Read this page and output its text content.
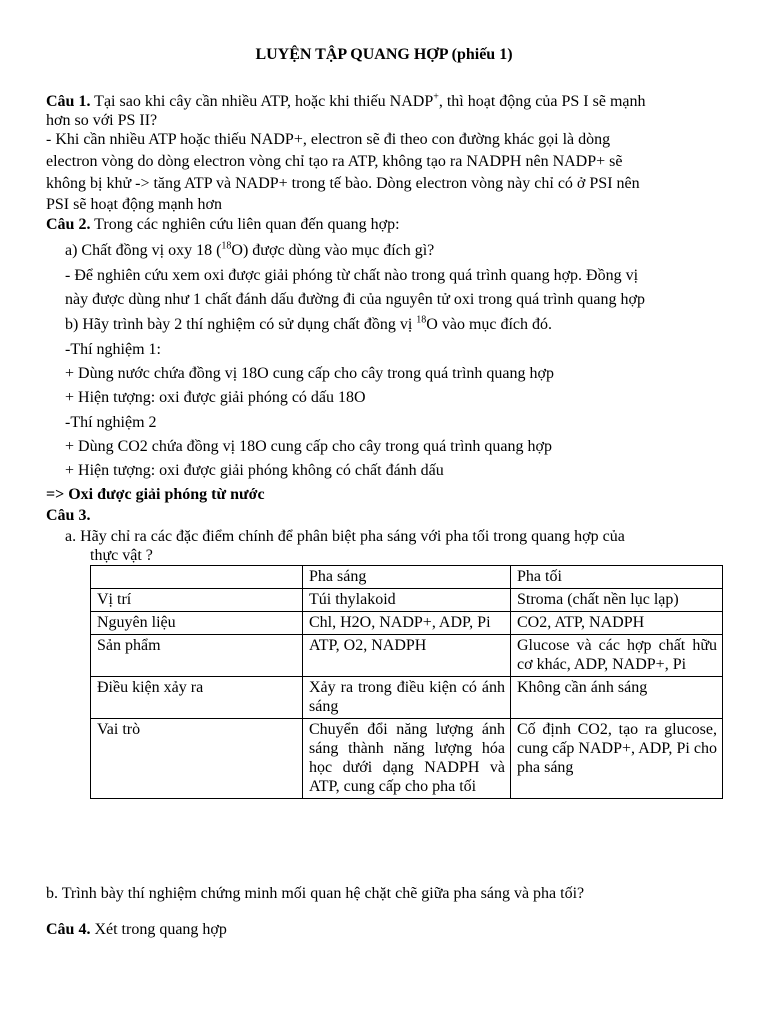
LUYỆN TẬP QUANG HỢP (phiếu 1)
Câu 1. Tại sao khi cây cần nhiều ATP, hoặc khi thiếu NADP+, thì hoạt động của PS I sẽ mạnh
hơn so với PS II?
- Khi cần nhiều ATP hoặc thiếu NADP+, electron sẽ đi theo con đường khác gọi là dòng
electron vòng do dòng electron vòng chỉ tạo ra ATP, không tạo ra NADPH nên NADP+ sẽ
không bị khử -> tăng ATP và NADP+ trong tế bào. Dòng electron vòng này chỉ có ở PSI nên
PSI sẽ hoạt động mạnh hơn
Câu 2. Trong các nghiên cứu liên quan đến quang hợp:
a) Chất đồng vị oxy 18 ($^{18}$O) được dùng vào mục đích gì?
- Để nghiên cứu xem oxi được giải phóng từ chất nào trong quá trình quang hợp. Đồng vị
này được dùng như 1 chất đánh dấu đường đi của nguyên tử oxi trong quá trình quang hợp
b) Hãy trình bày 2 thí nghiệm có sử dụng chất đồng vị $^{18}$O vào mục đích đó.
-Thí nghiệm 1:
+ Dùng nước chứa đồng vị 18O cung cấp cho cây trong quá trình quang hợp
+ Hiện tượng: oxi được giải phóng có dấu 18O
-Thí nghiệm 2
+ Dùng CO2 chứa đồng vị 18O cung cấp cho cây trong quá trình quang hợp
+ Hiện tượng: oxi được giải phóng không có chất đánh dấu
=> Oxi được giải phóng từ nước
Câu 3.
a. Hãy chỉ ra các đặc điểm chính để phân biệt pha sáng với pha tối trong quang hợp của
thực vật ?
	Pha sáng	Pha tối
Vị trí	Túi thylakoid	Stroma (chất nền lục lạp)
Nguyên liệu	Chl, H2O, NADP+, ADP, Pi	CO2, ATP, NADPH
Sản phẩm	ATP, O2, NADPH	Glucose và các hợp chất hữu cơ khác, ADP, NADP+, Pi
Điều kiện xảy ra	Xảy ra trong điều kiện có ánh sáng	Không cần ánh sáng
Vai trò	Chuyển đổi năng lượng ánh sáng thành năng lượng hóa học dưới dạng NADPH và ATP, cung cấp cho pha tối	Cố định CO2, tạo ra glucose, cung cấp NADP+, ADP, Pi cho pha sáng
b. Trình bày thí nghiệm chứng minh mối quan hệ chặt chẽ giữa pha sáng và pha tối?
Câu 4. Xét trong quang hợp
